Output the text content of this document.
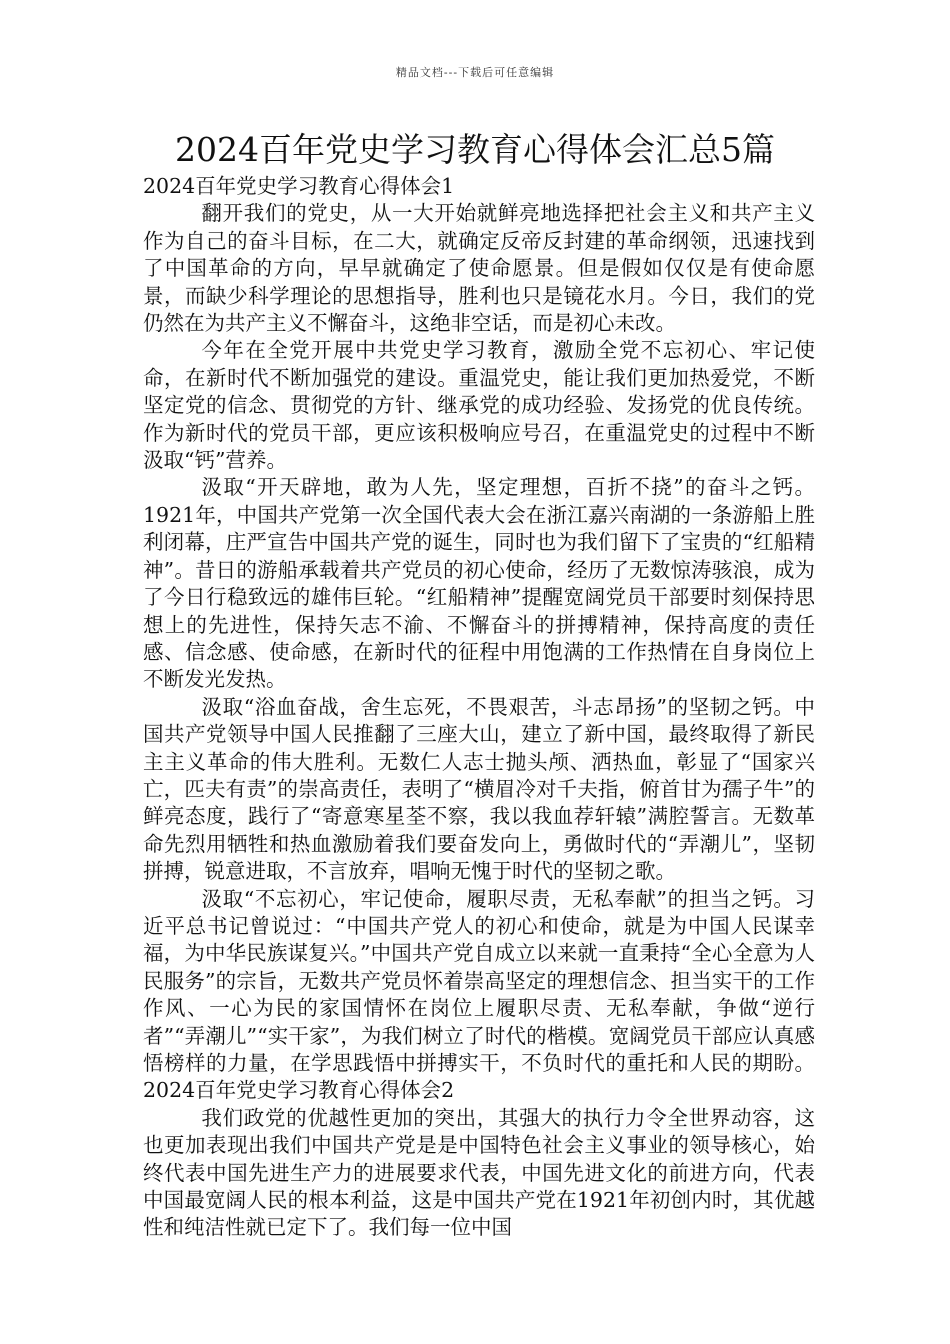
精品文档---下载后可任意编辑
2024百年党史学习教育心得体会汇总5篇

2024百年党史学习教育心得体会1

翻开我们的党史，从一大开始就鲜亮地选择把社会主义和共产主义作为自己的奋斗目标，在二大，就确定反帝反封建的革命纲领，迅速找到了中国革命的方向，早早就确定了使命愿景。但是假如仅仅是有使命愿景，而缺少科学理论的思想指导，胜利也只是镜花水月。今日，我们的党仍然在为共产主义不懈奋斗，这绝非空话，而是初心未改。

今年在全党开展中共党史学习教育，激励全党不忘初心、牢记使命，在新时代不断加强党的建设。重温党史，能让我们更加热爱党，不断坚定党的信念、贯彻党的方针、继承党的成功经验、发扬党的优良传统。作为新时代的党员干部，更应该积极响应号召，在重温党史的过程中不断汲取“钙”营养。

汲取“开天辟地，敢为人先，坚定理想，百折不挠”的奋斗之钙。1921年，中国共产党第一次全国代表大会在浙江嘉兴南湖的一条游船上胜利闭幕，庄严宣告中国共产党的诞生，同时也为我们留下了宝贵的“红船精神”。昔日的游船承载着共产党员的初心使命，经历了无数惊涛骇浪，成为了今日行稳致远的雄伟巨轮。“红船精神”提醒宽阔党员干部要时刻保持思想上的先进性，保持矢志不渝、不懈奋斗的拼搏精神，保持高度的责任感、信念感、使命感，在新时代的征程中用饱满的工作热情在自身岗位上不断发光发热。

汲取“浴血奋战，舍生忘死，不畏艰苦，斗志昂扬”的坚韧之钙。中国共产党领导中国人民推翻了三座大山，建立了新中国，最终取得了新民主主义革命的伟大胜利。无数仁人志士抛头颅、洒热血，彰显了“国家兴亡，匹夫有责”的崇高责任，表明了“横眉冷对千夫指，俯首甘为孺子牛”的鲜亮态度，践行了“寄意寒星荃不察，我以我血荐轩辕”满腔誓言。无数革命先烈用牺牲和热血激励着我们要奋发向上，勇做时代的“弄潮儿”，坚韧拼搏，锐意进取，不言放弃，唱响无愧于时代的坚韧之歌。

汲取“不忘初心，牢记使命，履职尽责，无私奉献”的担当之钙。习近平总书记曾说过：“中国共产党人的初心和使命，就是为中国人民谋幸福，为中华民族谋复兴。”中国共产党自成立以来就一直秉持“全心全意为人民服务”的宗旨，无数共产党员怀着崇高坚定的理想信念、担当实干的工作作风、一心为民的家国情怀在岗位上履职尽责、无私奉献，争做“逆行者”“弄潮儿”“实干家”，为我们树立了时代的楷模。宽阔党员干部应认真感悟榜样的力量，在学思践悟中拼搏实干，不负时代的重托和人民的期盼。2024百年党史学习教育心得体会2

我们政党的优越性更加的突出，其强大的执行力令全世界动容，这也更加表现出我们中国共产党是是中国特色社会主义事业的领导核心，始终代表中国先进生产力的进展要求代表，中国先进文化的前进方向，代表中国最宽阔人民的根本利益，这是中国共产党在1921年初创内时，其优越性和纯洁性就已定下了。我们每一位中国
